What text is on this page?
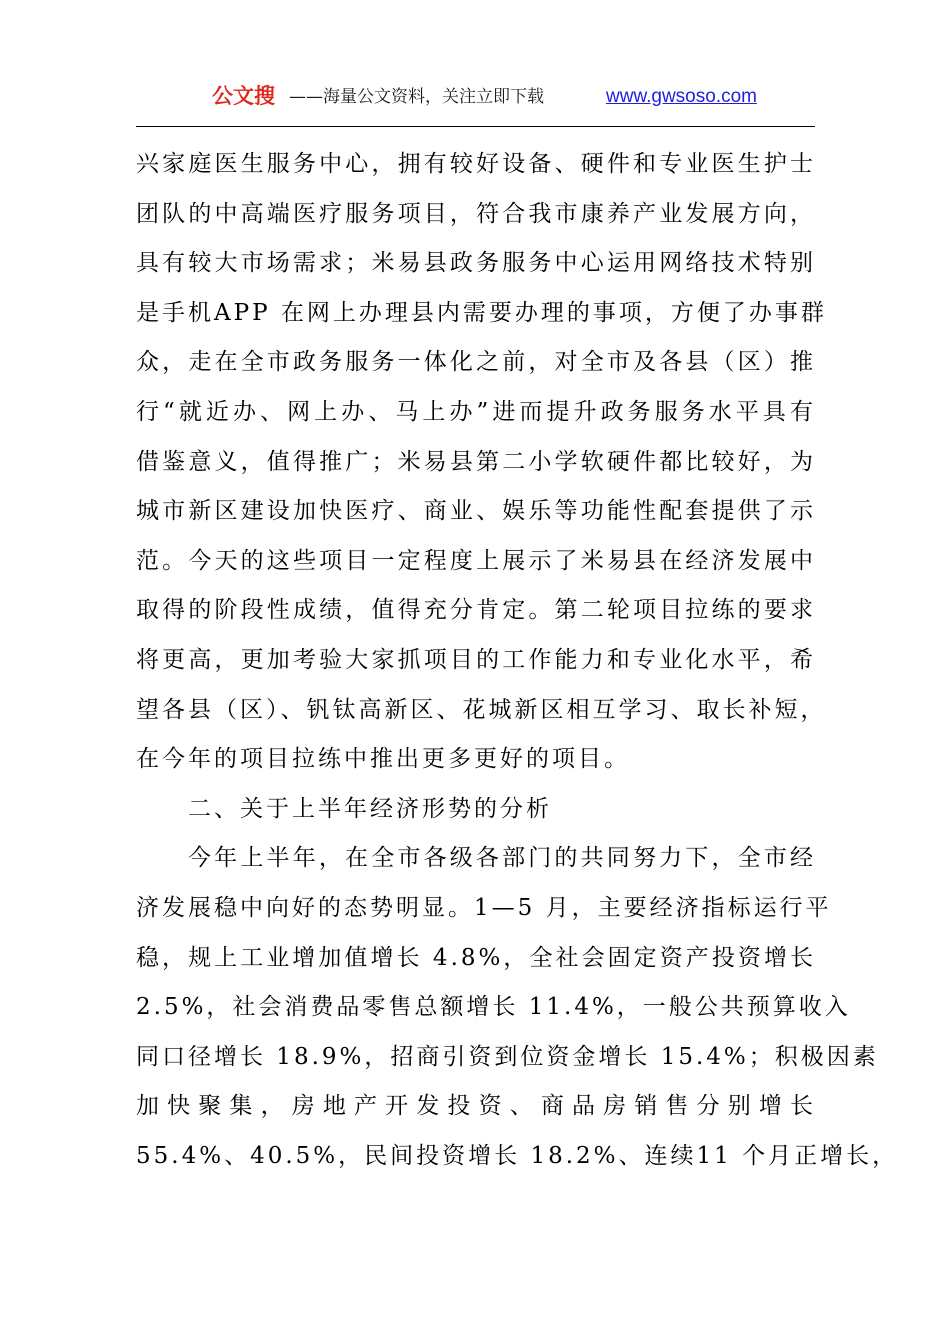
公文搜 ——海量公文资料，关注立即下载	www.gwsoso.com
兴家庭医生服务中心，拥有较好设备、硬件和专业医生护士
团队的中高端医疗服务项目，符合我市康养产业发展方向，
具有较大市场需求；米易县政务服务中心运用网络技术特别
是手机APP 在网上办理县内需要办理的事项，方便了办事群
众，走在全市政务服务一体化之前，对全市及各县（区）推
行“就近办、网上办、马上办”进而提升政务服务水平具有
借鉴意义，值得推广；米易县第二小学软硬件都比较好，为
城市新区建设加快医疗、商业、娱乐等功能性配套提供了示
范。今天的这些项目一定程度上展示了米易县在经济发展中
取得的阶段性成绩，值得充分肯定。第二轮项目拉练的要求
将更高，更加考验大家抓项目的工作能力和专业化水平，希
望各县（区）、钒钛高新区、花城新区相互学习、取长补短，
在今年的项目拉练中推出更多更好的项目。
二、关于上半年经济形势的分析
今年上半年，在全市各级各部门的共同努力下，全市经
济发展稳中向好的态势明显。1—5 月，主要经济指标运行平
稳，规上工业增加值增长 4.8%，全社会固定资产投资增长
2.5%，社会消费品零售总额增长 11.4%，一般公共预算收入
同口径增长 18.9%，招商引资到位资金增长 15.4%；积极因素
加快聚集，房地产开发投资、商品房销售分别增长
55.4%、40.5%，民间投资增长 18.2%、连续11 个月正增长，
